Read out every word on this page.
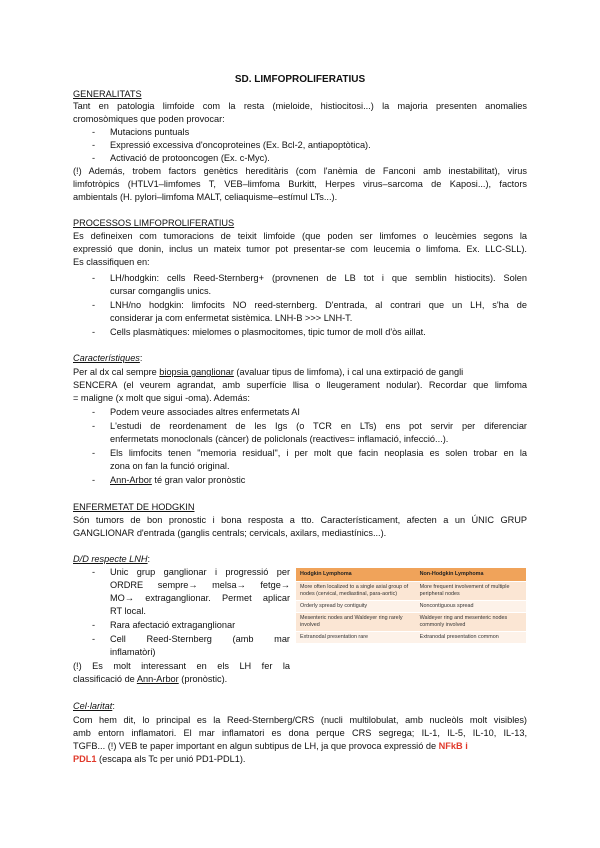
SD. LIMFOPROLIFERATIUS
GENERALITATS
Tant en patologia limfoide com la resta (mieloide, histiocitosi...) la majoria presenten anomalies
cromosòmiques que poden provocar:
- Mutacions puntuals
- Expressió excessiva d'oncoproteines (Ex. Bcl-2, antiapoptòtica).
- Activació de protooncogen (Ex. c-Myc).
(!) Además, trobem factors genètics hereditàris (com l'anèmia de Fanconi amb inestabilitat), virus
limfotròpics (HTLV1–limfomes T, VEB–limfoma Burkitt, Herpes virus–sarcoma de Kaposi...), factors
ambientals (H. pylori–limfoma MALT, celiaquisme–estímul LTs...).
PROCESSOS LIMFOPROLIFERATIUS
Es defineixen com tumoracions de teixit limfoide (que poden ser limfomes o leucèmies segons la
expressió que donin, inclus un mateix tumor pot presentar-se com leucemia o limfoma. Ex. LLC-SLL).
Es classifiquen en:
- LH/hodgkin: cells Reed-Sternberg+ (provnenen de LB tot i que semblin histiocits). Solen
cursar comganglis unics.
- LNH/no hodgkin: limfocits NO reed-sternberg. D'entrada, al contrari que un LH, s'ha de
considerar ja com enfermetat sistèmica. LNH-B >>> LNH-T.
- Cells plasmàtiques: mielomes o plasmocitomes, tipic tumor de moll d'òs aillat.
Característiques:
Per al dx cal sempre biopsia ganglionar (avaluar tipus de limfoma), i cal una extirpació de gangli
SENCERA (el veurem agrandat, amb superfície llisa o lleugerament nodular). Recordar que limfoma
= maligne (x molt que sigui -oma). Además:
- Podem veure associades altres enfermetats AI
- L'estudi de reordenament de les Igs (o TCR en LTs) ens pot servir per diferenciar
enfermetats monoclonals (càncer) de policlonals (reactives= inflamació, infecció...).
- Els limfocits tenen "memoria residual", i per molt que facin neoplasia es solen trobar en la
zona on fan la funció original.
- Ann-Arbor té gran valor pronòstic
ENFERMETAT DE HODGKIN
Són tumors de bon pronostic i bona resposta a tto. Característicament, afecten a un ÚNIC GRUP
GANGLIONAR d'entrada (ganglis centrals; cervicals, axilars, mediastínics...).
D/D respecte LNH:
- Unic grup ganglionar i progressió per
ORDRE sempre→ melsa→ fetge→
MO→ extraganglionar. Permet aplicar
RT local.
- Rara afectació extraganglionar
- Cell Reed-Sternberg (amb mar
inflamatòri)
(!) Es molt interessant en els LH fer la
classificació de Ann-Arbor (pronòstic).
Hodgkin Lymphoma	Non-Hodgkin Lymphoma
More often localized to a single axial group of nodes (cervical, mediastinal, para-aortic)	More frequent involvement of multiple peripheral nodes
Orderly spread by contiguity	Noncontiguous spread
Mesenteric nodes and Waldeyer ring rarely involved	Waldeyer ring and mesenteric nodes commonly involved
Extranodal presentation rare	Extranodal presentation common
Cel·laritat:
Com hem dit, lo principal es la Reed-Sternberg/CRS (nucli multilobulat, amb nucleòls molt visibles)
amb entorn inflamatori. El mar inflamatori es dona perque CRS segrega; IL-1, IL-5, IL-10, IL-13,
TGFB... (!) VEB te paper important en algun subtipus de LH, ja que provoca expressió de NFkB i
PDL1 (escapa als Tc per unió PD1-PDL1).
